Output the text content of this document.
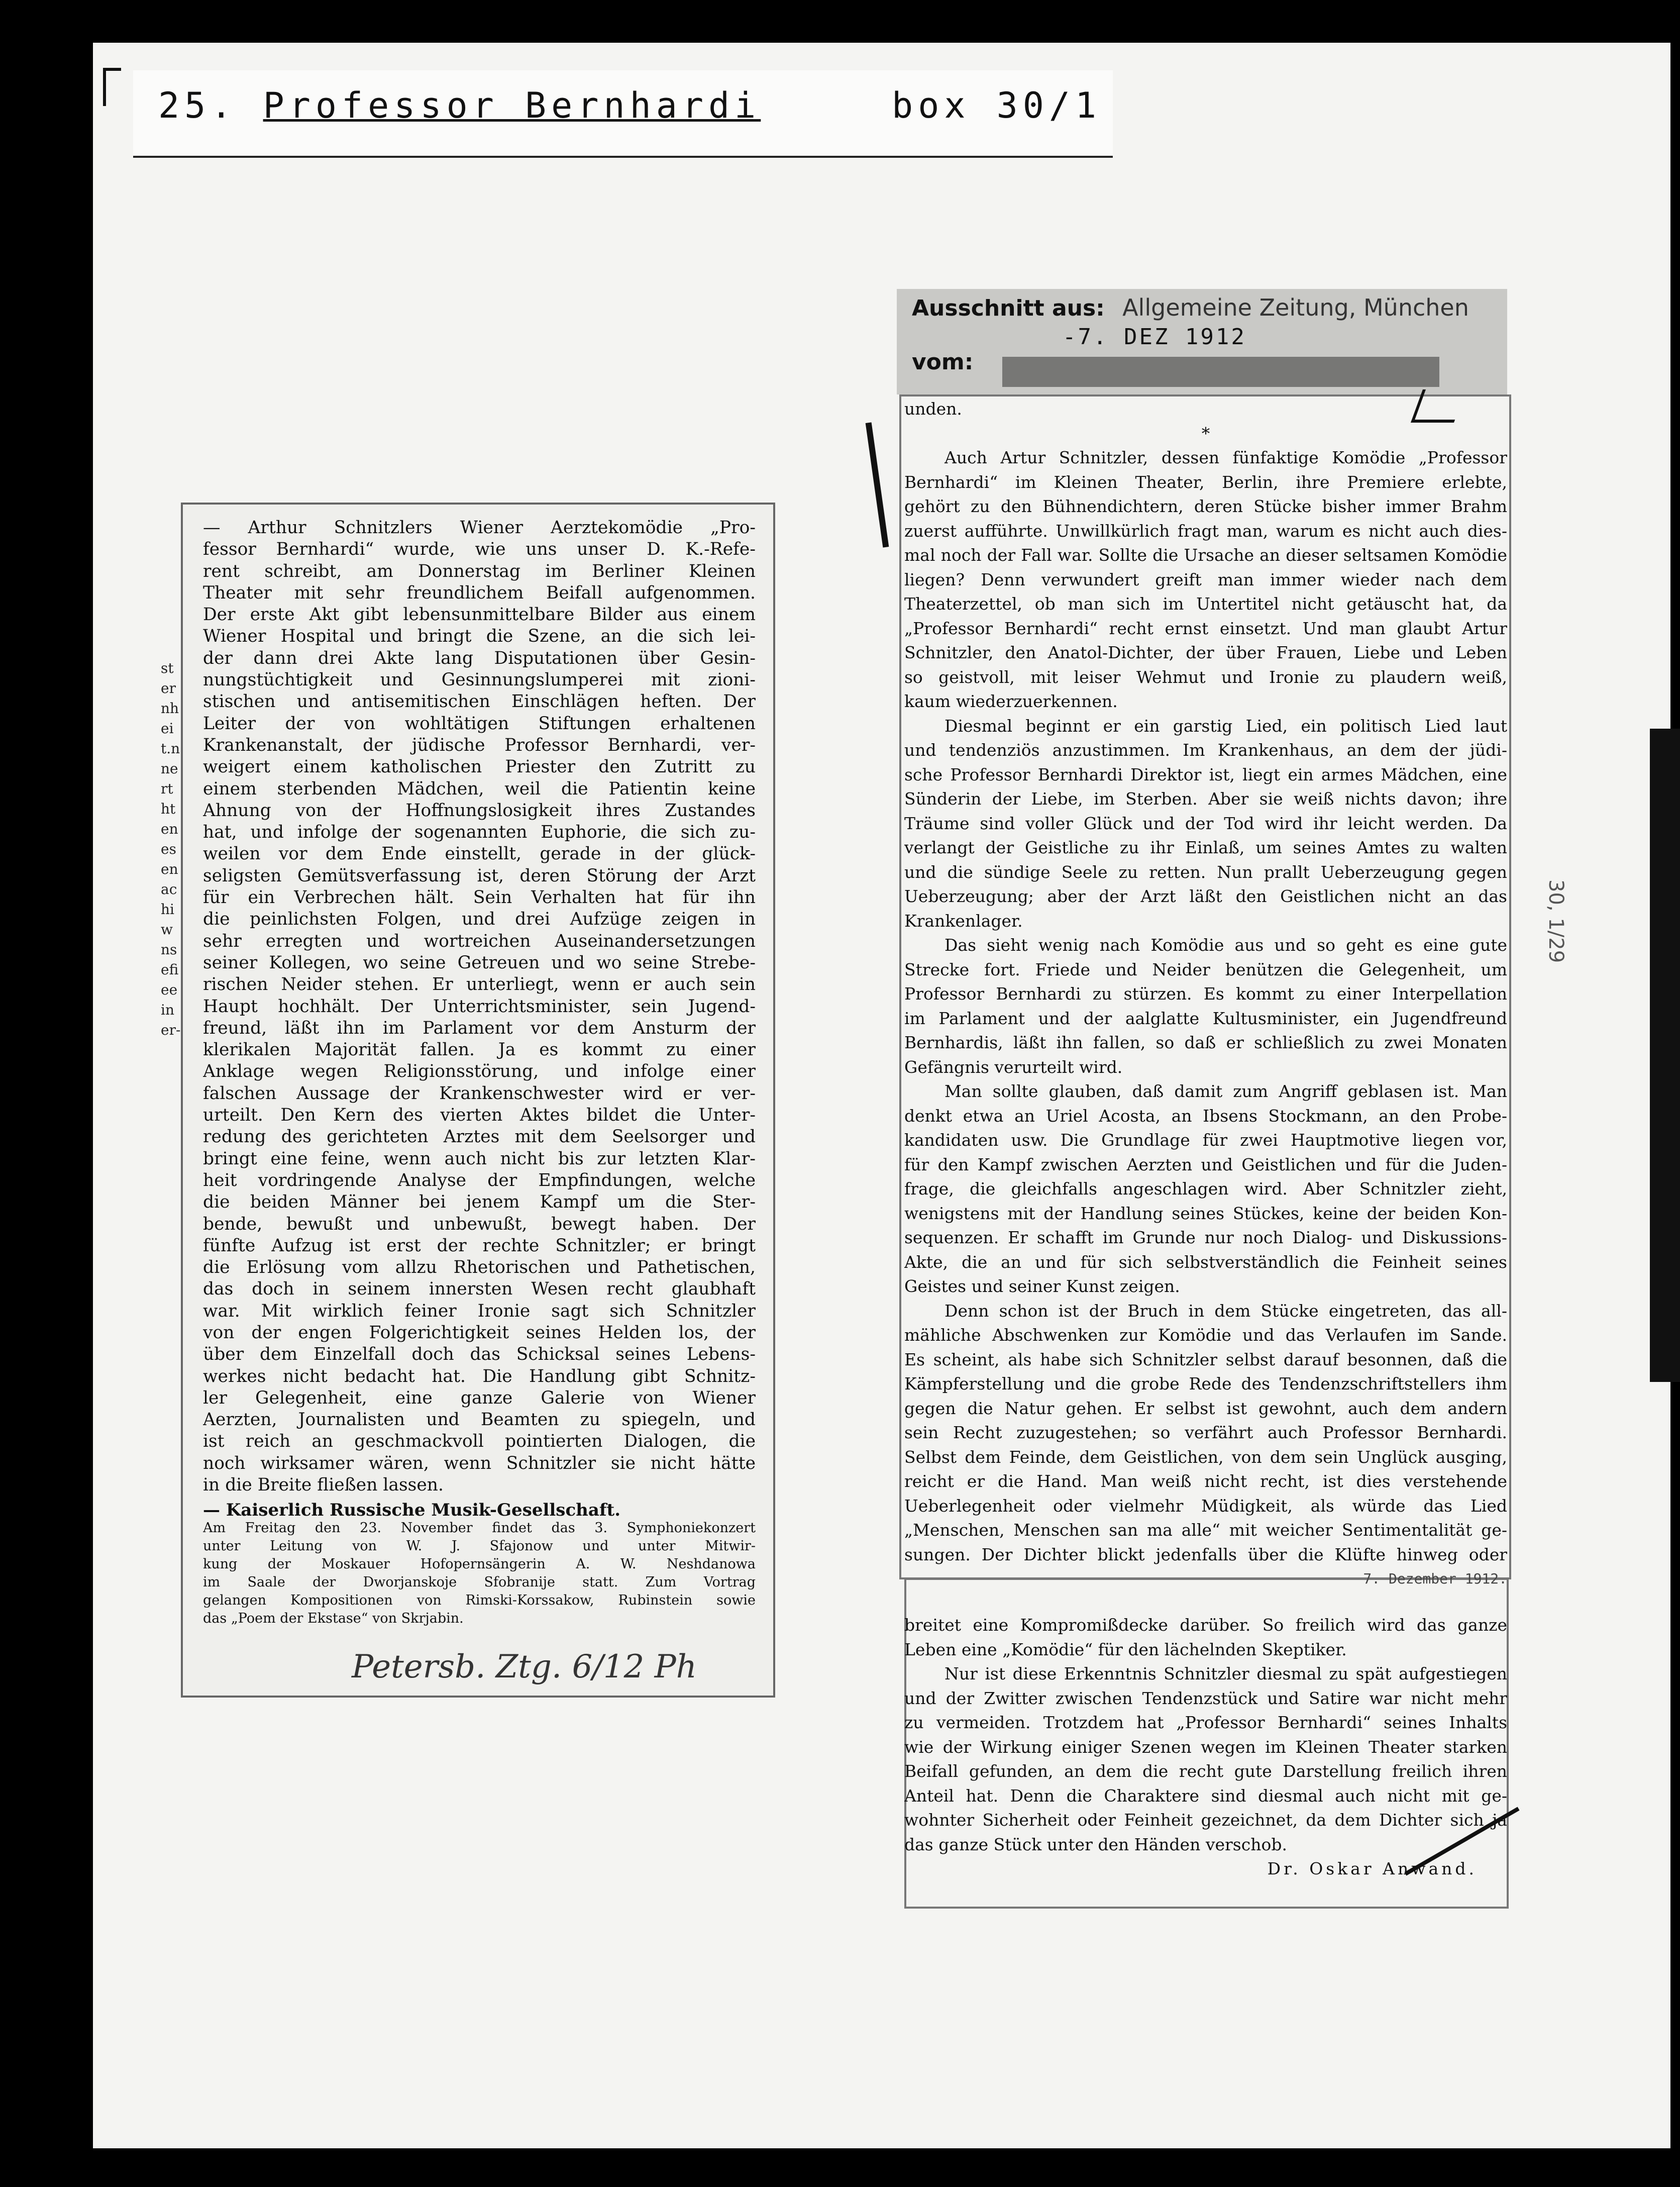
25. Professor Bernhardi	box 30/1
30, 1/29
— Arthur Schnitzlers Wiener Aerztekomödie „Pro-
fessor Bernhardi“ wurde, wie uns unser D. K.-Refe-
rent schreibt, am Donnerstag im Berliner Kleinen
Theater mit sehr freundlichem Beifall aufgenommen.
Der erste Akt gibt lebensunmittelbare Bilder aus einem
Wiener Hospital und bringt die Szene, an die sich lei-
der dann drei Akte lang Disputationen über Gesin-
nungstüchtigkeit und Gesinnungslumperei mit zioni-
stischen und antisemitischen Einschlägen heften. Der
Leiter der von wohltätigen Stiftungen erhaltenen
Krankenanstalt, der jüdische Professor Bernhardi, ver-
weigert einem katholischen Priester den Zutritt zu
einem sterbenden Mädchen, weil die Patientin keine
Ahnung von der Hoffnungslosigkeit ihres Zustandes
hat, und infolge der sogenannten Euphorie, die sich zu-
weilen vor dem Ende einstellt, gerade in der glück-
seligsten Gemütsverfassung ist, deren Störung der Arzt
für ein Verbrechen hält. Sein Verhalten hat für ihn
die peinlichsten Folgen, und drei Aufzüge zeigen in
sehr erregten und wortreichen Auseinandersetzungen
seiner Kollegen, wo seine Getreuen und wo seine Strebe-
rischen Neider stehen. Er unterliegt, wenn er auch sein
Haupt hochhält. Der Unterrichtsminister, sein Jugend-
freund, läßt ihn im Parlament vor dem Ansturm der
klerikalen Majorität fallen. Ja es kommt zu einer
Anklage wegen Religionsstörung, und infolge einer
falschen Aussage der Krankenschwester wird er ver-
urteilt. Den Kern des vierten Aktes bildet die Unter-
redung des gerichteten Arztes mit dem Seelsorger und
bringt eine feine, wenn auch nicht bis zur letzten Klar-
heit vordringende Analyse der Empfindungen, welche
die beiden Männer bei jenem Kampf um die Ster-
bende, bewußt und unbewußt, bewegt haben. Der
fünfte Aufzug ist erst der rechte Schnitzler; er bringt
die Erlösung vom allzu Rhetorischen und Pathetischen,
das doch in seinem innersten Wesen recht glaubhaft
war. Mit wirklich feiner Ironie sagt sich Schnitzler
von der engen Folgerichtigkeit seines Helden los, der
über dem Einzelfall doch das Schicksal seines Lebens-
werkes nicht bedacht hat. Die Handlung gibt Schnitz-
ler Gelegenheit, eine ganze Galerie von Wiener
Aerzten, Journalisten und Beamten zu spiegeln, und
ist reich an geschmackvoll pointierten Dialogen, die
noch wirksamer wären, wenn Schnitzler sie nicht hätte
in die Breite fließen lassen.
— Kaiserlich Russische Musik-Gesellschaft.
Am Freitag den 23. November findet das 3. Symphoniekonzert
unter Leitung von W. J. Sfajonow und unter Mitwir-
kung der Moskauer Hofopernsängerin A. W. Neshdanowa
im Saale der Dworjanskoje Sfobranije statt. Zum Vortrag
gelangen Kompositionen von Rimski-Korssakow, Rubinstein sowie
das „Poem der Ekstase“ von Skrjabin.
sternheit.nnerthtenesenachiwnsefieeiner-
Petersb. Ztg. 6/12 Ph
Ausschnitt aus: Allgemeine Zeitung, München
-7. DEZ 1912
vom:
unden.
*
Auch Artur Schnitzler, dessen fünfaktige Komödie „Professor
Bernhardi“ im Kleinen Theater, Berlin, ihre Premiere erlebte,
gehört zu den Bühnendichtern, deren Stücke bisher immer Brahm
zuerst aufführte. Unwillkürlich fragt man, warum es nicht auch dies-
mal noch der Fall war. Sollte die Ursache an dieser seltsamen Komödie
liegen? Denn verwundert greift man immer wieder nach dem
Theaterzettel, ob man sich im Untertitel nicht getäuscht hat, da
„Professor Bernhardi“ recht ernst einsetzt. Und man glaubt Artur
Schnitzler, den Anatol-Dichter, der über Frauen, Liebe und Leben
so geistvoll, mit leiser Wehmut und Ironie zu plaudern weiß,
kaum wiederzuerkennen.
Diesmal beginnt er ein garstig Lied, ein politisch Lied laut
und tendenziös anzustimmen. Im Krankenhaus, an dem der jüdi-
sche Professor Bernhardi Direktor ist, liegt ein armes Mädchen, eine
Sünderin der Liebe, im Sterben. Aber sie weiß nichts davon; ihre
Träume sind voller Glück und der Tod wird ihr leicht werden. Da
verlangt der Geistliche zu ihr Einlaß, um seines Amtes zu walten
und die sündige Seele zu retten. Nun prallt Ueberzeugung gegen
Ueberzeugung; aber der Arzt läßt den Geistlichen nicht an das
Krankenlager.
Das sieht wenig nach Komödie aus und so geht es eine gute
Strecke fort. Friede und Neider benützen die Gelegenheit, um
Professor Bernhardi zu stürzen. Es kommt zu einer Interpellation
im Parlament und der aalglatte Kultusminister, ein Jugendfreund
Bernhardis, läßt ihn fallen, so daß er schließlich zu zwei Monaten
Gefängnis verurteilt wird.
Man sollte glauben, daß damit zum Angriff geblasen ist. Man
denkt etwa an Uriel Acosta, an Ibsens Stockmann, an den Probe-
kandidaten usw. Die Grundlage für zwei Hauptmotive liegen vor,
für den Kampf zwischen Aerzten und Geistlichen und für die Juden-
frage, die gleichfalls angeschlagen wird. Aber Schnitzler zieht,
wenigstens mit der Handlung seines Stückes, keine der beiden Kon-
sequenzen. Er schafft im Grunde nur noch Dialog- und Diskussions-
Akte, die an und für sich selbstverständlich die Feinheit seines
Geistes und seiner Kunst zeigen.
Denn schon ist der Bruch in dem Stücke eingetreten, das all-
mähliche Abschwenken zur Komödie und das Verlaufen im Sande.
Es scheint, als habe sich Schnitzler selbst darauf besonnen, daß die
Kämpferstellung und die grobe Rede des Tendenzschriftstellers ihm
gegen die Natur gehen. Er selbst ist gewohnt, auch dem andern
sein Recht zuzugestehen; so verfährt auch Professor Bernhardi.
Selbst dem Feinde, dem Geistlichen, von dem sein Unglück ausging,
reicht er die Hand. Man weiß nicht recht, ist dies verstehende
Ueberlegenheit oder vielmehr Müdigkeit, als würde das Lied
„Menschen, Menschen san ma alle“ mit weicher Sentimentalität ge-
sungen. Der Dichter blickt jedenfalls über die Klüfte hinweg oder
7. Dezember 1912.
breitet eine Kompromißdecke darüber. So freilich wird das ganze
Leben eine „Komödie“ für den lächelnden Skeptiker.
Nur ist diese Erkenntnis Schnitzler diesmal zu spät aufgestiegen
und der Zwitter zwischen Tendenzstück und Satire war nicht mehr
zu vermeiden. Trotzdem hat „Professor Bernhardi“ seines Inhalts
wie der Wirkung einiger Szenen wegen im Kleinen Theater starken
Beifall gefunden, an dem die recht gute Darstellung freilich ihren
Anteil hat. Denn die Charaktere sind diesmal auch nicht mit ge-
wohnter Sicherheit oder Feinheit gezeichnet, da dem Dichter sich ja
das ganze Stück unter den Händen verschob.
Dr. Oskar Anwand.
